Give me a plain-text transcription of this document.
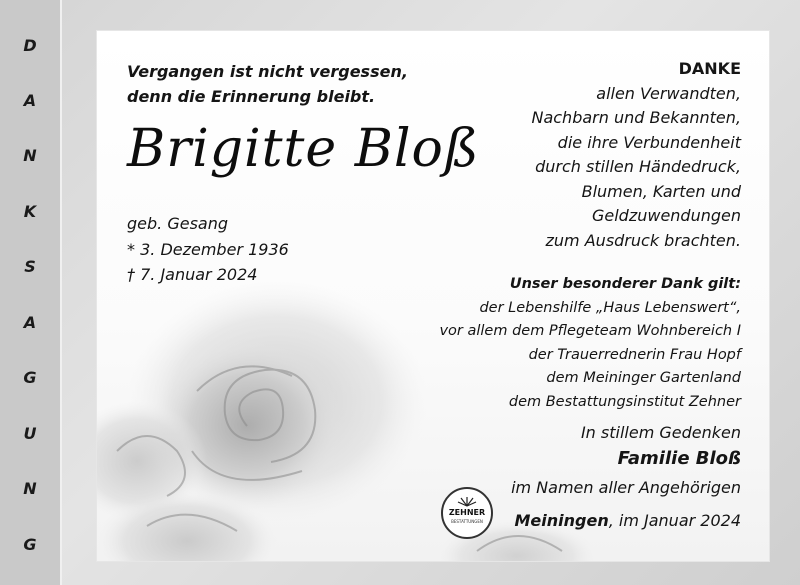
D
A
N
K
S
A
G
U
N
G
Vergangen ist nicht vergessen,
denn die Erinnerung bleibt.
Brigitte Bloß
geb. Gesang
* 3. Dezember 1936
† 7. Januar 2024
DANKE
allen Verwandten,
Nachbarn und Bekannten,
die ihre Verbundenheit
durch stillen Händedruck,
Blumen, Karten und
Geldzuwendungen
zum Ausdruck brachten.
Unser besonderer Dank gilt:
der Lebenshilfe „Haus Lebenswert“,
vor allem dem Pflegeteam Wohnbereich I
der Trauerrednerin Frau Hopf
dem Meininger Gartenland
dem Bestattungsinstitut Zehner
In stillem Gedenken
Familie Bloß
im Namen aller Angehörigen
Meiningen, im Januar 2024
ZEHNER
BESTATTUNGEN
